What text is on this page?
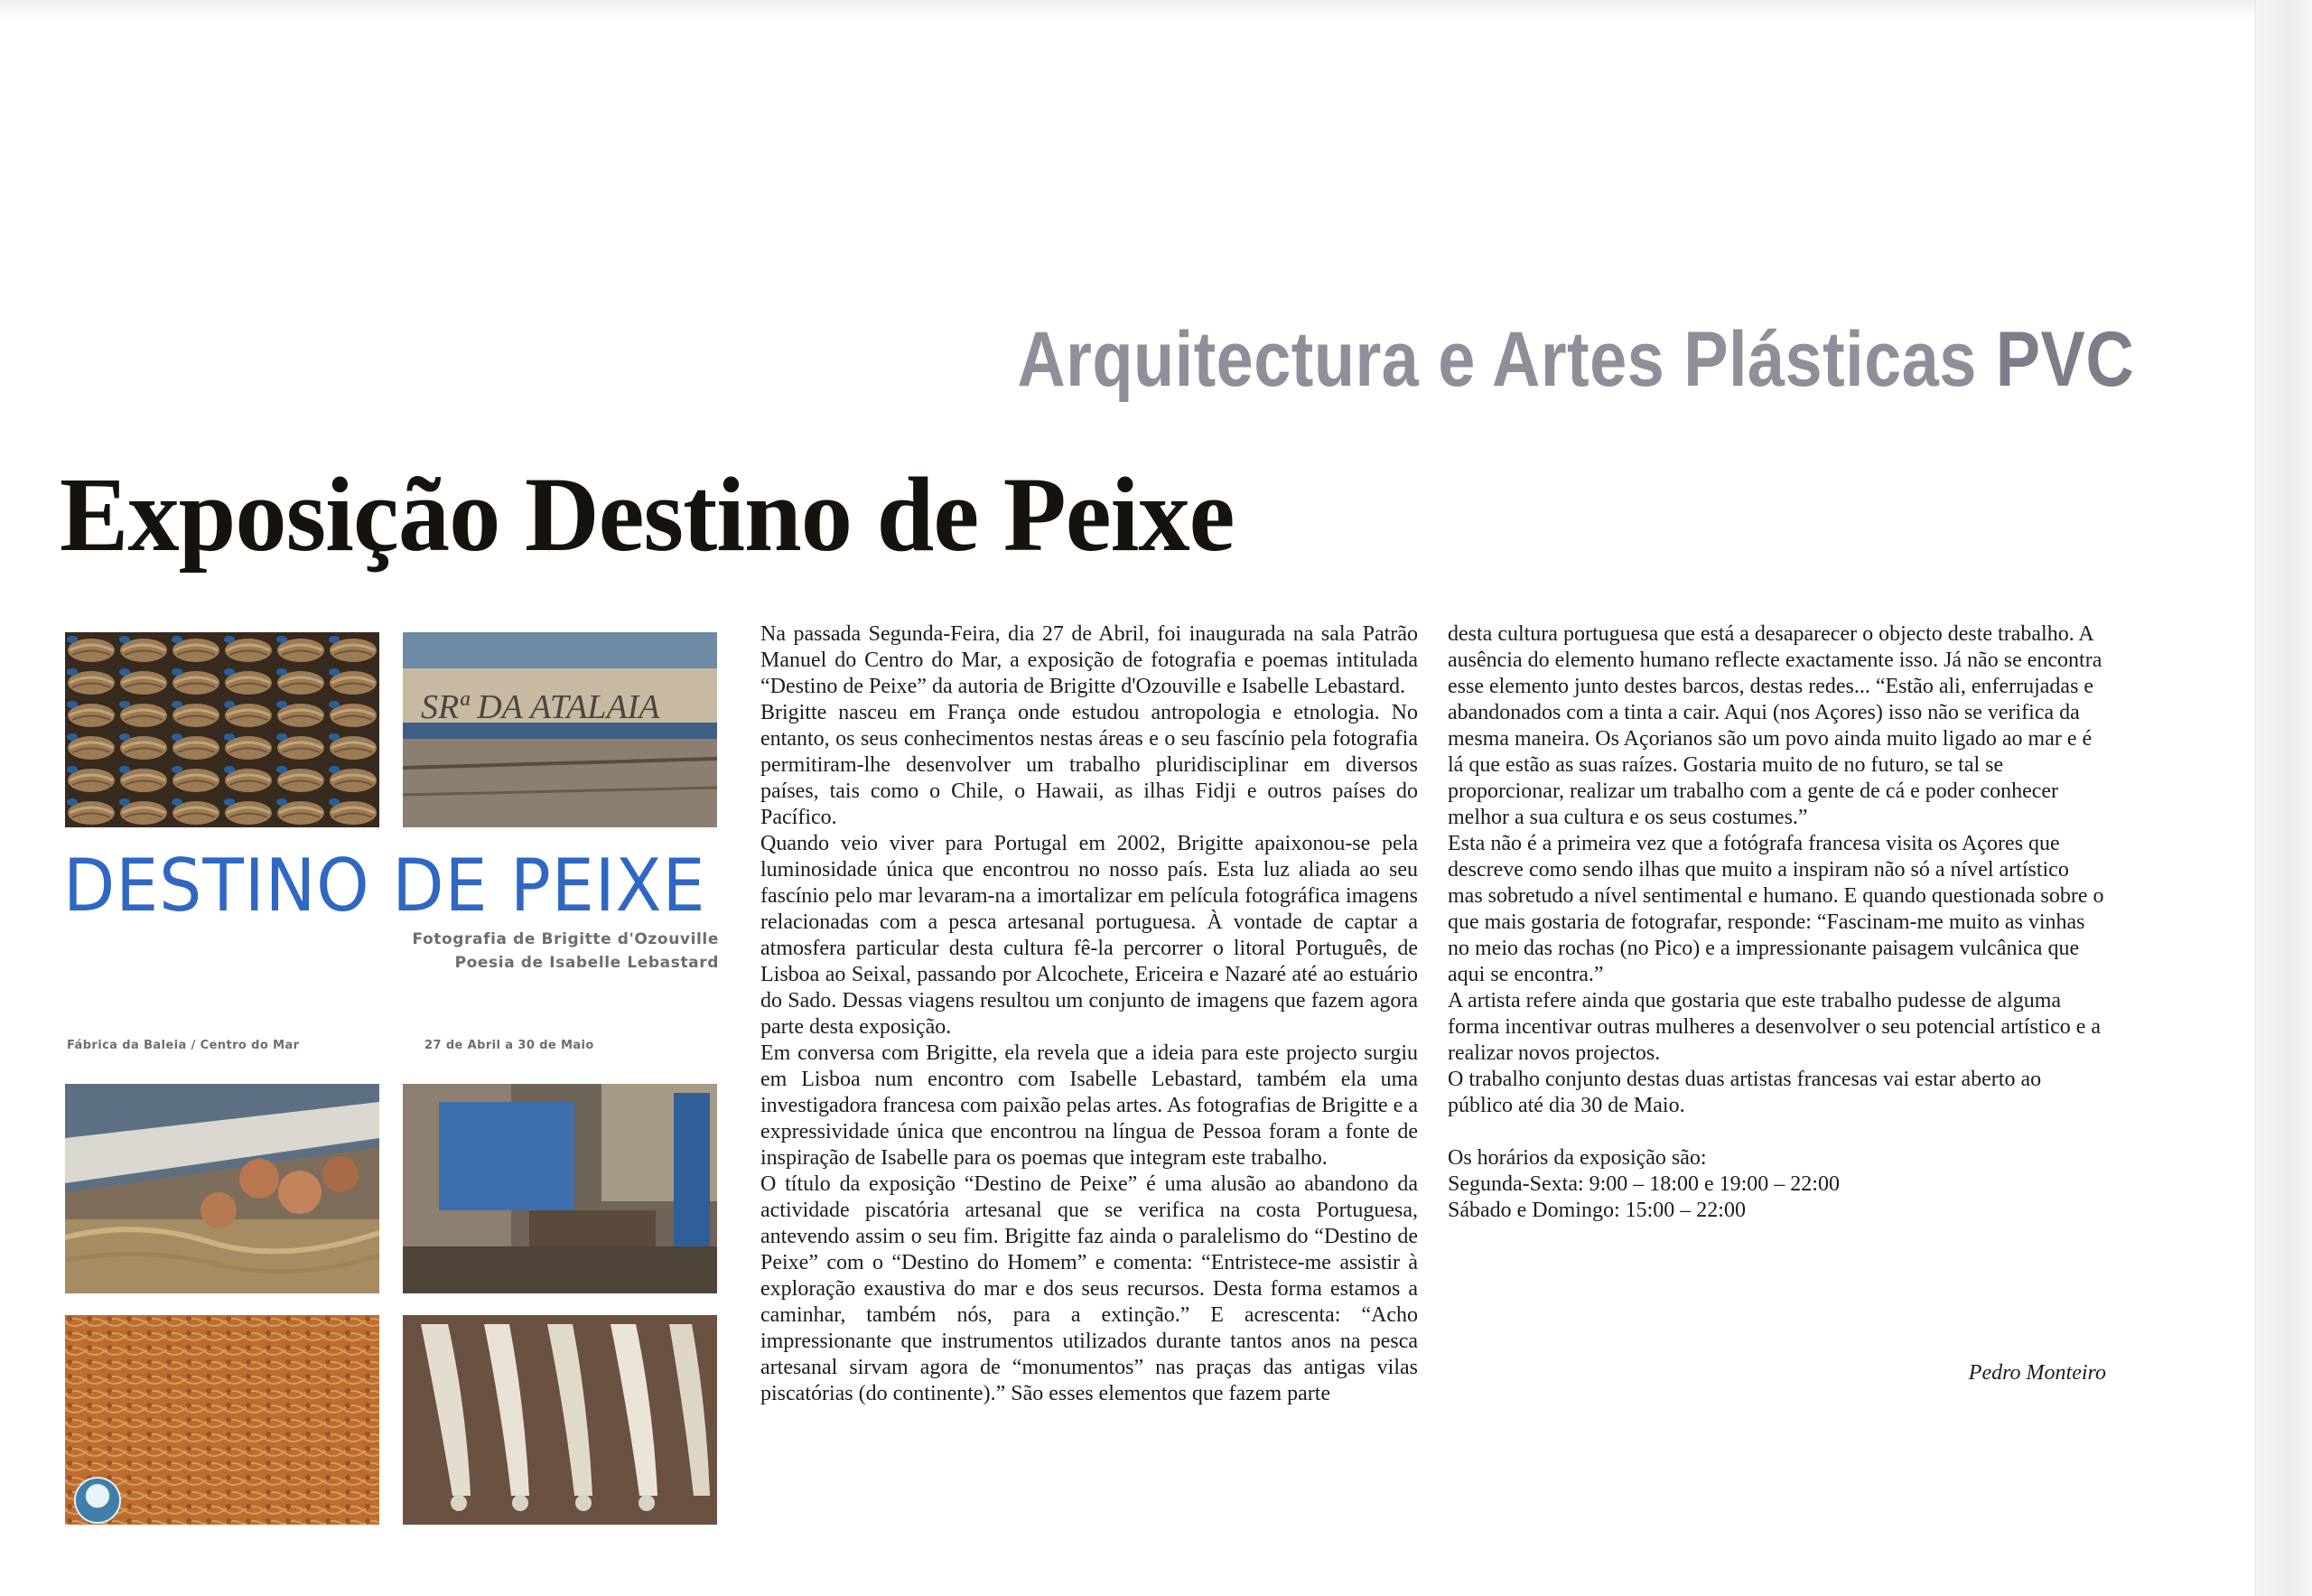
Arquitectura e Artes Plásticas PVC
Exposição Destino de Peixe
SRª DA ATALAIA
DESTINO DE PEIXE
Fotografia de Brigitte d'Ozouville
Poesia de Isabelle Lebastard
Fábrica da Baleia / Centro do Mar	27 de Abril a 30 de Maio

Na passada Segunda-Feira, dia 27 de Abril, foi inaugurada na sala Patrão Manuel do Centro do Mar, a exposição de fotografia e poemas intitulada “Destino de Peixe” da autoria de Brigitte d'Ozouville e Isabelle Lebastard.

Brigitte nasceu em França onde estudou antropologia e etnologia. No entanto, os seus conhecimentos nestas áreas e o seu fascínio pela fotografia permitiram-lhe desenvolver um trabalho pluridisciplinar em diversos países, tais como o Chile, o Hawaii, as ilhas Fidji e outros países do Pacífico.

Quando veio viver para Portugal em 2002, Brigitte apaixonou-se pela luminosidade única que encontrou no nosso país. Esta luz aliada ao seu fascínio pelo mar levaram-na a imortalizar em película fotográfica imagens relacionadas com a pesca artesanal portuguesa. À vontade de captar a atmosfera particular desta cultura fê-la percorrer o litoral Português, de Lisboa ao Seixal, passando por Alcochete, Ericeira e Nazaré até ao estuário do Sado. Dessas viagens resultou um conjunto de imagens que fazem agora parte desta exposição.

Em conversa com Brigitte, ela revela que a ideia para este projecto surgiu em Lisboa num encontro com Isabelle Lebastard, também ela uma investigadora francesa com paixão pelas artes. As fotografias de Brigitte e a expressividade única que encontrou na língua de Pessoa foram a fonte de inspiração de Isabelle para os poemas que integram este trabalho.

O título da exposição “Destino de Peixe” é uma alusão ao abandono da actividade piscatória artesanal que se verifica na costa Portuguesa, antevendo assim o seu fim. Brigitte faz ainda o paralelismo do “Destino de Peixe” com o “Destino do Homem” e comenta: “Entristece-me assistir à exploração exaustiva do mar e dos seus recursos. Desta forma estamos a caminhar, também nós, para a extinção.” E acrescenta: “Acho impressionante que instrumentos utilizados durante tantos anos na pesca artesanal sirvam agora de “monumentos” nas praças das antigas vilas piscatórias (do continente).” São esses elementos que fazem parte

desta cultura portuguesa que está a desaparecer o objecto deste trabalho. A ausência do elemento humano reflecte exactamente isso. Já não se encontra esse elemento junto destes barcos, destas redes... “Estão ali, enferrujadas e abandonados com a tinta a cair. Aqui (nos Açores) isso não se verifica da mesma maneira. Os Açorianos são um povo ainda muito ligado ao mar e é lá que estão as suas raízes. Gostaria muito de no futuro, se tal se proporcionar, realizar um trabalho com a gente de cá e poder conhecer melhor a sua cultura e os seus costumes.”

Esta não é a primeira vez que a fotógrafa francesa visita os Açores que descreve como sendo ilhas que muito a inspiram não só a nível artístico mas sobretudo a nível sentimental e humano. E quando questionada sobre o que mais gostaria de fotografar, responde: “Fascinam-me muito as vinhas no meio das rochas (no Pico) e a impressionante paisagem vulcânica que aqui se encontra.”

A artista refere ainda que gostaria que este trabalho pudesse de alguma forma incentivar outras mulheres a desenvolver o seu potencial artístico e a realizar novos projectos.

O trabalho conjunto destas duas artistas francesas vai estar aberto ao público até dia 30 de Maio.

Os horários da exposição são:

Segunda-Sexta: 9:00 – 18:00 e 19:00 – 22:00

Sábado e Domingo: 15:00 – 22:00

Pedro Monteiro
